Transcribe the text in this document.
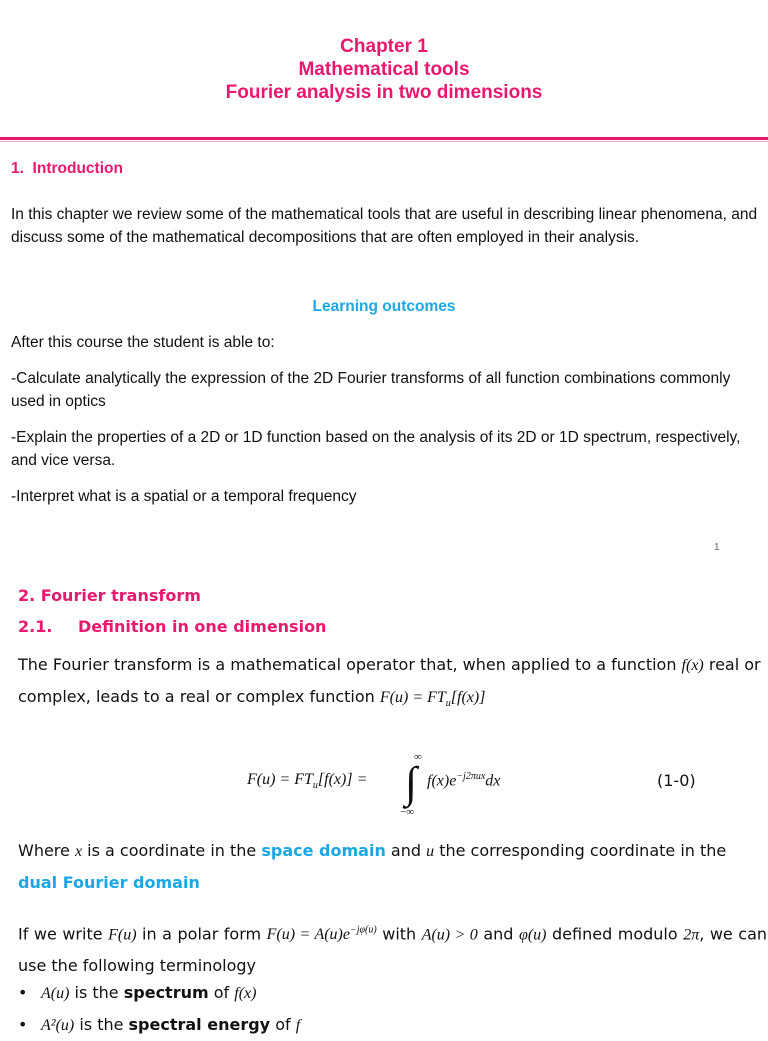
Chapter 1
Mathematical tools
Fourier analysis in two dimensions
1.  Introduction
In this chapter we review some of the mathematical tools that are useful in describing linear phenomena, and discuss some of the mathematical decompositions that are often employed in their analysis.
Learning outcomes
After this course the student is able to:
-Calculate analytically the expression of the 2D Fourier transforms of all function combinations commonly used in optics
-Explain the properties of a 2D or 1D function based on the analysis of its 2D or 1D spectrum, respectively, and vice versa.
-Interpret what is a spatial or a temporal frequency
1
2. Fourier transform
2.1. Definition in one dimension
The Fourier transform is a mathematical operator that, when applied to a function f(x) real or complex, leads to a real or complex function $F(u) = FT_u[f(x)]$
$F(u) = FT_u[f(x)]$ =
∞
∫
−∞
$f(x)e^{-j2\pi ux}dx$	(1-0)
Where x is a coordinate in the space domain and u the corresponding coordinate in the dual Fourier domain
If we write F(u) in a polar form $F(u) = A(u)e^{-j\varphi(u)}$ with A(u) > 0 and φ(u) defined modulo 2π, we can use the following terminology
• A(u) is the spectrum of f(x)
• A²(u) is the spectral energy of f
